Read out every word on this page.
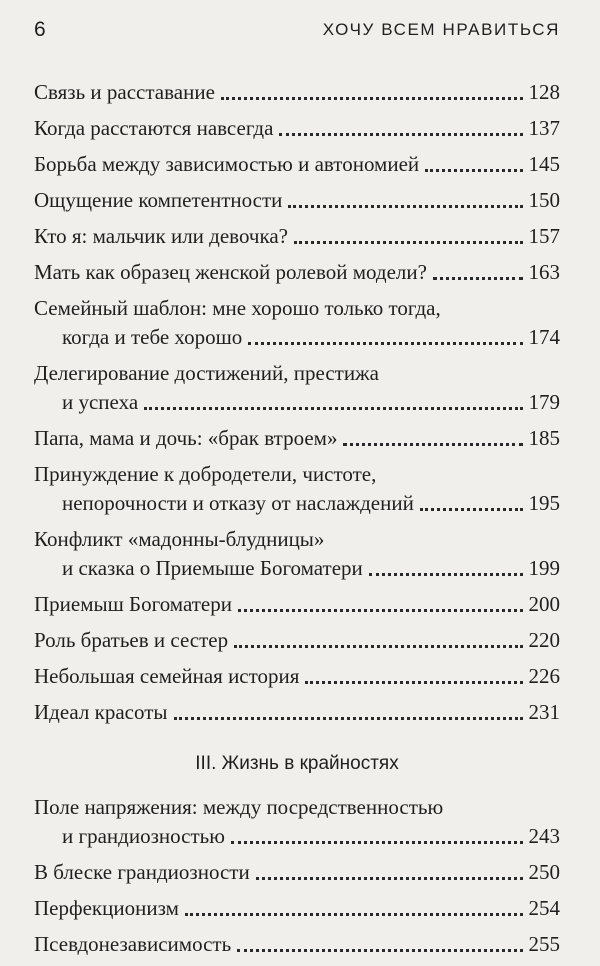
6	ХОЧУ ВСЕМ НРАВИТЬСЯ
Связь и расставание	128
Когда расстаются навсегда	137
Борьба между зависимостью и автономией	145
Ощущение компетентности	150
Кто я: мальчик или девочка?	157
Мать как образец женской ролевой модели?	163
Семейный шаблон: мне хорошо только тогда,
когда и тебе хорошо	174
Делегирование достижений, престижа
и успеха	179
Папа, мама и дочь: «брак втроем»	185
Принуждение к добродетели, чистоте,
непорочности и отказу от наслаждений	195
Конфликт «мадонны-блудницы»
и сказка о Приемыше Богоматери	199
Приемыш Богоматери	200
Роль братьев и сестер	220
Небольшая семейная история	226
Идеал красоты	231
III. Жизнь в крайностях
Поле напряжения: между посредственностью
и грандиозностью	243
В блеске грандиозности	250
Перфекционизм	254
Псевдонезависимость	255
